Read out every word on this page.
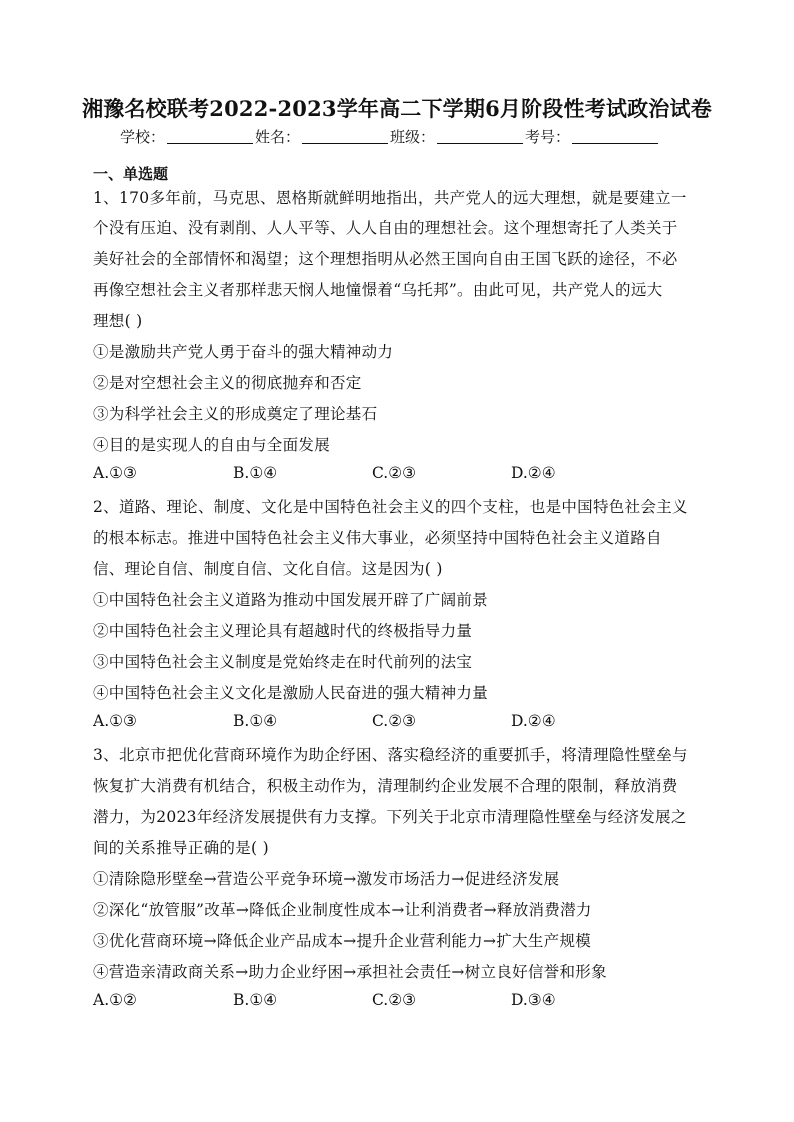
湘豫名校联考2022-2023学年高二下学期6月阶段性考试政治试卷
学校：	姓名：	班级：	考号：
一、单选题
1、170多年前，马克思、恩格斯就鲜明地指出，共产党人的远大理想，就是要建立一
个没有压迫、没有剥削、人人平等、人人自由的理想社会。这个理想寄托了人类关于
美好社会的全部情怀和渴望；这个理想指明从必然王国向自由王国飞跃的途径，不必
再像空想社会主义者那样悲天悯人地憧憬着“乌托邦”。由此可见，共产党人的远大
理想( )
①是激励共产党人勇于奋斗的强大精神动力
②是对空想社会主义的彻底抛弃和否定
③为科学社会主义的形成奠定了理论基石
④目的是实现人的自由与全面发展
A.①③	B.①④	C.②③	D.②④
2、道路、理论、制度、文化是中国特色社会主义的四个支柱，也是中国特色社会主义
的根本标志。推进中国特色社会主义伟大事业，必须坚持中国特色社会主义道路自
信、理论自信、制度自信、文化自信。这是因为( )
①中国特色社会主义道路为推动中国发展开辟了广阔前景
②中国特色社会主义理论具有超越时代的终极指导力量
③中国特色社会主义制度是党始终走在时代前列的法宝
④中国特色社会主义文化是激励人民奋进的强大精神力量
A.①③	B.①④	C.②③	D.②④
3、北京市把优化营商环境作为助企纾困、落实稳经济的重要抓手，将清理隐性壁垒与
恢复扩大消费有机结合，积极主动作为，清理制约企业发展不合理的限制，释放消费
潜力，为2023年经济发展提供有力支撑。下列关于北京市清理隐性壁垒与经济发展之
间的关系推导正确的是( )
①清除隐形壁垒→营造公平竞争环境→激发市场活力→促进经济发展
②深化“放管服”改革→降低企业制度性成本→让利消费者→释放消费潜力
③优化营商环境→降低企业产品成本→提升企业营利能力→扩大生产规模
④营造亲清政商关系→助力企业纾困→承担社会责任→树立良好信誉和形象
A.①②	B.①④	C.②③	D.③④
